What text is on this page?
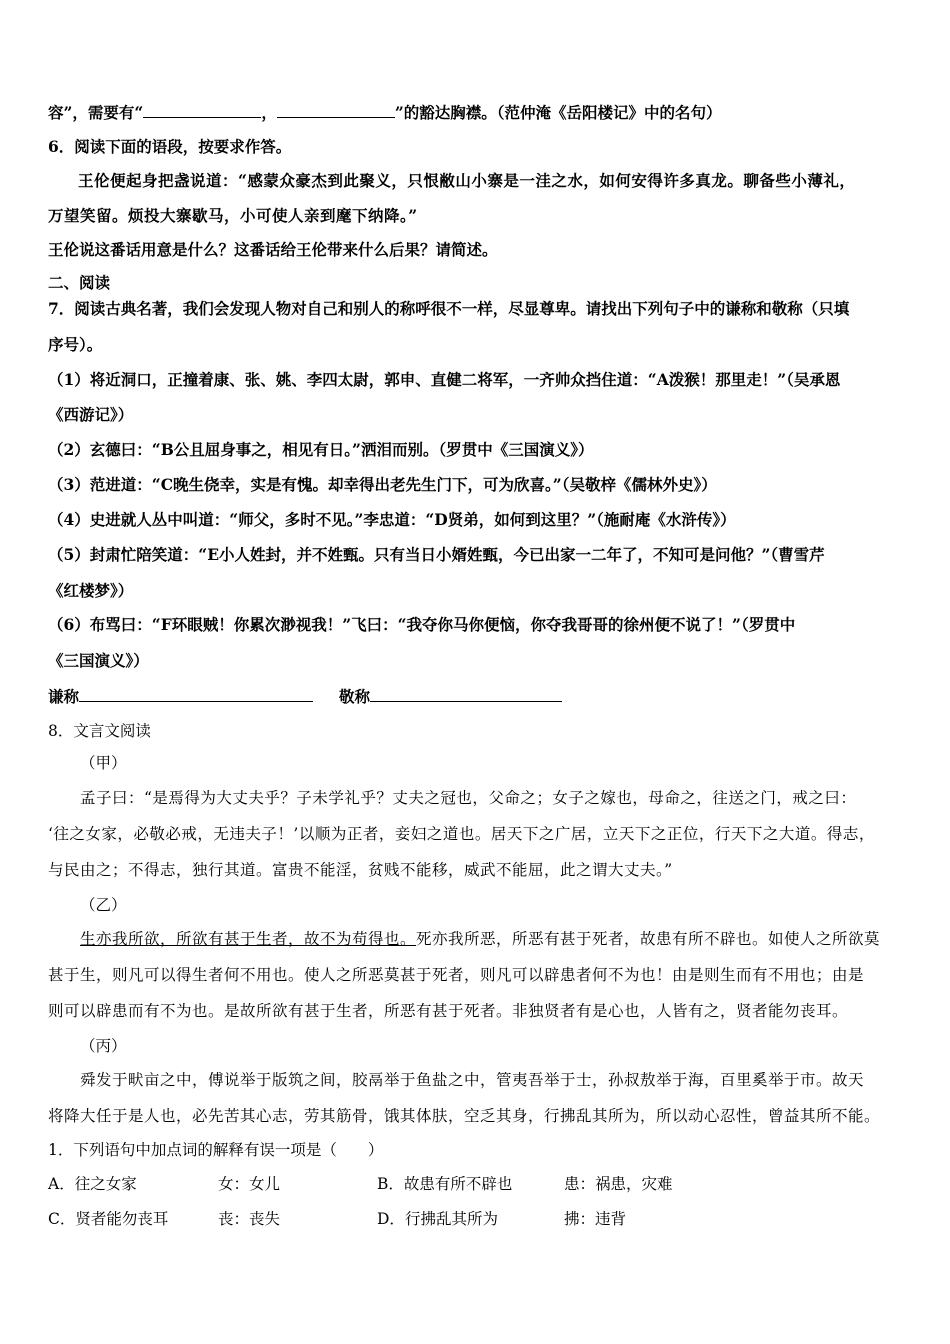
容”，需要有“	，	”的豁达胸襟。（范仲淹《岳阳楼记》中的名句）
6．阅读下面的语段，按要求作答。
王伦便起身把盏说道：“感蒙众豪杰到此聚义，只恨敝山小寨是一洼之水，如何安得许多真龙。聊备些小薄礼，
万望笑留。烦投大寨歇马，小可使人亲到麾下纳降。”
王伦说这番话用意是什么？这番话给王伦带来什么后果？请简述。
二、阅读
7．阅读古典名著，我们会发现人物对自己和别人的称呼很不一样，尽显尊卑。请找出下列句子中的谦称和敬称（只填
序号）。
（1）将近洞口，正撞着康、张、姚、李四太尉，郭申、直健二将军，一齐帅众挡住道：“A泼猴！那里走！”（吴承恩
《西游记》）
（2）玄德曰：“B公且屈身事之，相见有日。”洒泪而别。（罗贯中《三国演义》）
（3）范进道：“C晚生侥幸，实是有愧。却幸得出老先生门下，可为欣喜。”（吴敬梓《儒林外史》）
（4）史进就人丛中叫道：“师父，多时不见。”李忠道：“D贤弟，如何到这里？”（施耐庵《水浒传》）
（5）封肃忙陪笑道：“E小人姓封，并不姓甄。只有当日小婿姓甄，今已出家一二年了，不知可是问他？”（曹雪芹
《红楼梦》）
（6）布骂曰：“F环眼贼！你累次渺视我！”飞曰：“我夺你马你便恼，你夺我哥哥的徐州便不说了！”（罗贯中
《三国演义》）
谦称	敬称
8．文言文阅读
（甲）
孟子曰：“是焉得为大丈夫乎？子未学礼乎？丈夫之冠也，父命之；女子之嫁也，母命之，往送之门，戒之曰：
‘往之女家，必敬必戒，无违夫子！’以顺为正者，妾妇之道也。居天下之广居，立天下之正位，行天下之大道。得志，
与民由之；不得志，独行其道。富贵不能淫，贫贱不能移，威武不能屈，此之谓大丈夫。”
（乙）
生亦我所欲，所欲有甚于生者，故不为苟得也。死亦我所恶，所恶有甚于死者，故患有所不辟也。如使人之所欲莫
甚于生，则凡可以得生者何不用也。使人之所恶莫甚于死者，则凡可以辟患者何不为也！由是则生而有不用也；由是
则可以辟患而有不为也。是故所欲有甚于生者，所恶有甚于死者。非独贤者有是心也，人皆有之，贤者能勿丧耳。
（丙）
舜发于畎亩之中，傅说举于版筑之间，胶鬲举于鱼盐之中，管夷吾举于士，孙叔敖举于海，百里奚举于市。故天
将降大任于是人也，必先苦其心志，劳其筋骨，饿其体肤，空乏其身，行拂乱其所为，所以动心忍性，曾益其所不能。
1．下列语句中加点词的解释有误一项是（　　）
A．往之女家	女：女儿	B．故患有所不辟也	患：祸患，灾难
C．贤者能勿丧耳	丧：丧失	D．行拂乱其所为	拂：违背
